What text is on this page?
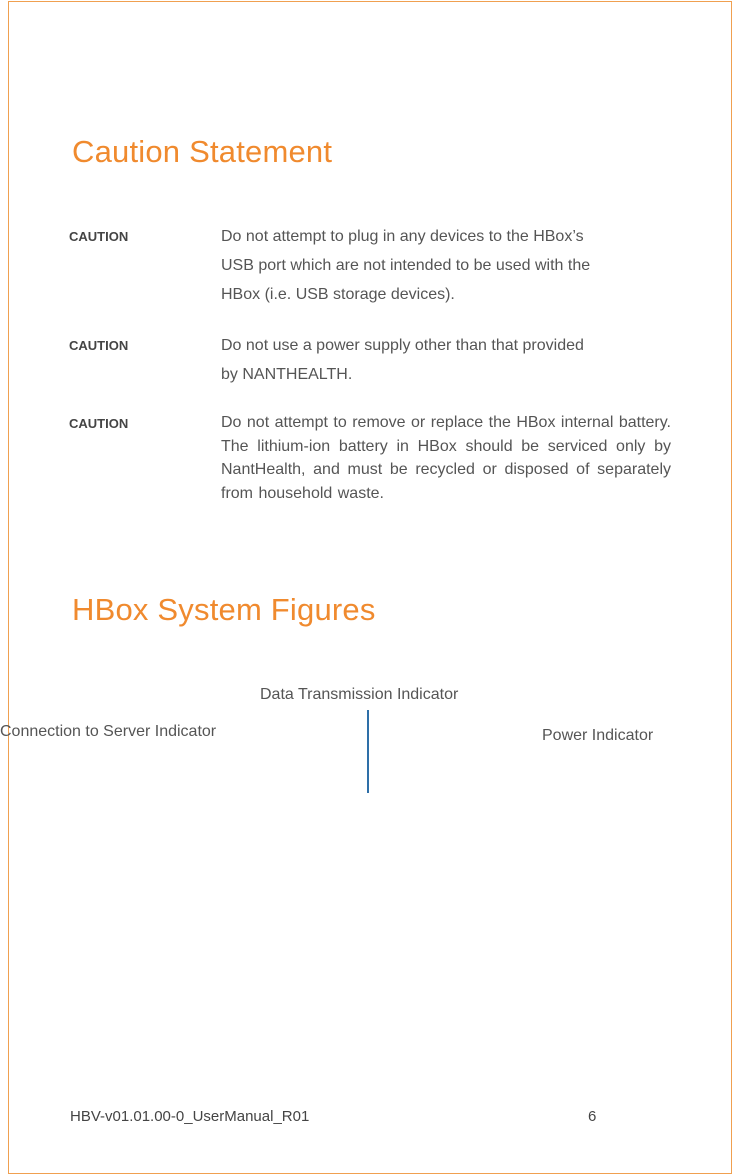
Caution Statement
CAUTION	Do not attempt to plug in any devices to the HBox’s
USB port which are not intended to be used with the
HBox (i.e. USB storage devices).
CAUTION	Do not use a power supply other than that provided
by NANTHEALTH.
CAUTION	Do not attempt to remove or replace the HBox internal battery. The lithium-ion battery in HBox should be serviced only by NantHealth, and must be recycled or disposed of separately from household waste.
HBox System Figures
Data Transmission Indicator
Connection to Server Indicator	Power Indicator
HBV-v01.01.00-0_UserManual_R01	6
